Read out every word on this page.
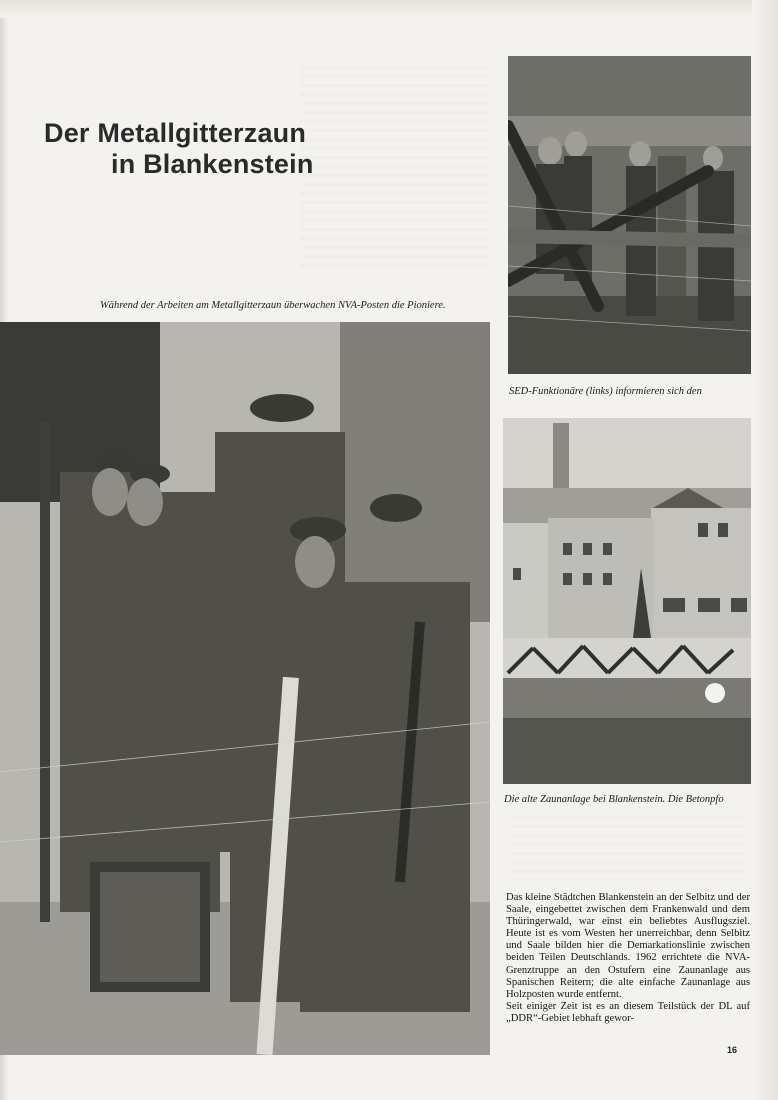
Der Metallgitterzaun
in Blankenstein
Während der Arbeiten am Metallgitterzaun überwachen NVA-Posten die Pioniere.
SED-Funktionäre (links) informieren sich den
Die alte Zaunanlage bei Blankenstein. Die Betonpfo
Das kleine Städtchen Blankenstein an der Selbitz und der Saale, eingebettet zwischen dem Frankenwald und dem Thüringerwald, war einst ein beliebtes Ausflugsziel. Heute ist es vom Westen her unerreichbar, denn Selbitz und Saale bilden hier die Demarkationslinie zwischen beiden Teilen Deutschlands. 1962 errichtete die NVA-Grenztruppe an den Ostufern eine Zaunanlage aus Spanischen Reitern; die alte einfache Zaunanlage aus Holzposten wurde entfernt.
Seit einiger Zeit ist es an diesem Teilstück der DL auf „DDR“-Gebiet lebhaft gewor-
16
